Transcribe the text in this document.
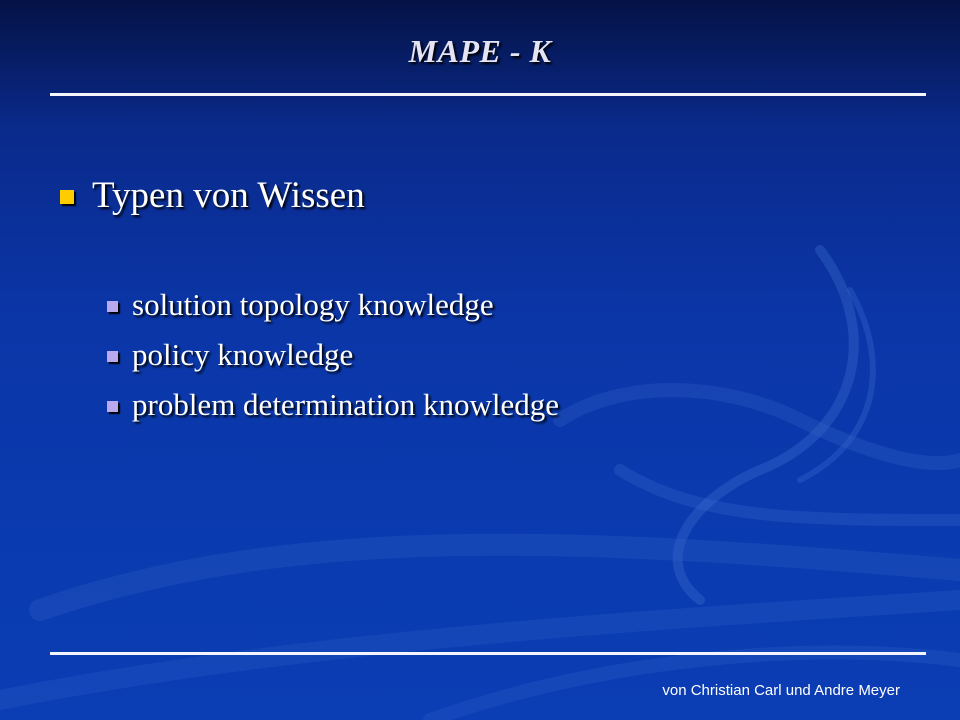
MAPE - K
Typen von Wissen
solution topology knowledge
policy knowledge
problem determination knowledge
von Christian Carl und Andre Meyer
